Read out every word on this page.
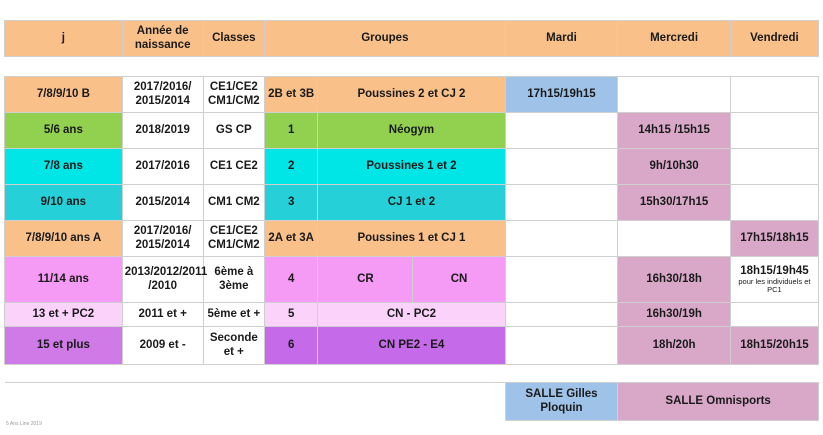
j	Année de naissance	Classes	Groupes			Mardi	Mercredi	Vendredi

7/8/9/10 B	2017/2016/ 2015/2014	CE1/CE2 CM1/CM2	2B et 3B	Poussines 2 et CJ 2		17h15/19h15		
5/6 ans	2018/2019	GS CP	1	Néogym			14h15 /15h15	
7/8 ans	2017/2016	CE1 CE2	2	Poussines 1 et 2			9h/10h30	
9/10 ans	2015/2014	CM1 CM2	3	CJ 1 et 2			15h30/17h15	
7/8/9/10 ans A	2017/2016/ 2015/2014	CE1/CE2 CM1/CM2	2A et 3A	Poussines 1 et CJ 1				17h15/18h15
11/14 ans	2013/2012/2011 /2010	6ème à 3ème	4	CR	CN		16h30/18h	18h15/19h45
pour les individuels et PC1

13 et + PC2	2011 et +	5ème et +	5	CN - PC2			16h30/19h	
15 et plus	2009 et -	Seconde et +	6	CN PE2 - E4			18h/20h	18h15/20h15

						SALLE Gilles Ploquin	SALLE Omnisports	
5 Ans Line 2019
